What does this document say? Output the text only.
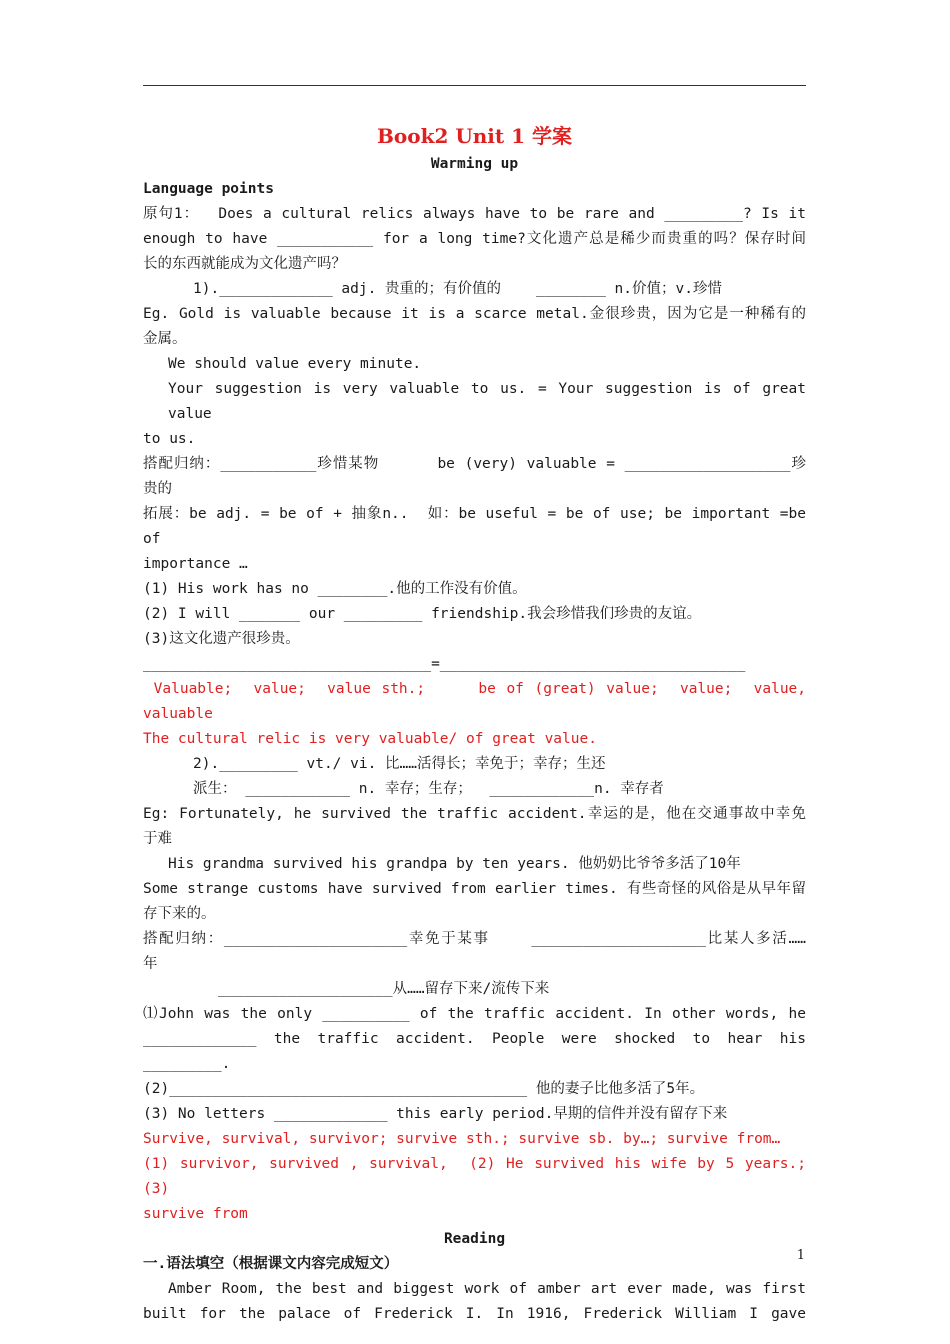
Book2 Unit 1 学案
Warming up
Language points
原句1：  Does a cultural relics always have to be rare and _________? Is it
enough to have ___________ for a long time?文化遗产总是稀少而贵重的吗？保存时间
长的东西就能成为文化遗产吗？
1)._____________ adj. 贵重的；有价值的    ________ n.价值；v.珍惜
Eg. Gold is valuable because it is a scarce metal.金很珍贵，因为它是一种稀有的
金属。
We should value every minute.
Your suggestion is very valuable to us. = Your suggestion is of great value
to us.
搭配归纳：___________珍惜某物      be (very) valuable = ___________________珍
贵的
拓展：be adj. = be of + 抽象n..  如：be useful = be of use; be important =be of
importance …
(1) His work has no ________.他的工作没有价值。
(2) I will _______ our _________ friendship.我会珍惜我们珍贵的友谊。
(3)这文化遗产很珍贵。
_________________________________=___________________________________
Valuable;  value;  value sth.;     be of (great) value;  value;  value,
valuable
The cultural relic is very valuable/ of great value.
2)._________ vt./ vi. 比……活得长；幸免于；幸存；生还
派生： ____________ n. 幸存；生存；  ____________n. 幸存者
Eg: Fortunately, he survived the traffic accident.幸运的是，他在交通事故中幸免
于难
His grandma survived his grandpa by ten years. 他奶奶比爷爷多活了10年
Some strange customs have survived from earlier times. 有些奇怪的风俗是从早年留
存下来的。
搭配归纳：_____________________幸免于某事    ____________________比某人多活……
年
____________________从……留存下来/流传下来
⑴John was the only __________ of the traffic accident. In other words, he
_____________ the traffic accident. People were shocked to hear his _________.
(2)_________________________________________ 他的妻子比他多活了5年。
(3) No letters _____________ this early period.早期的信件并没有留存下来
Survive, survival, survivor; survive sth.; survive sb. by…; survive from…
(1) survivor, survived , survival,  (2) He survived his wife by 5 years.;  (3)
survive from
Reading
一.语法填空（根据课文内容完成短文）
Amber Room, the best and biggest work of amber art ever made, was first
built for the palace of Frederick I. In 1916, Frederick William I gave
1
